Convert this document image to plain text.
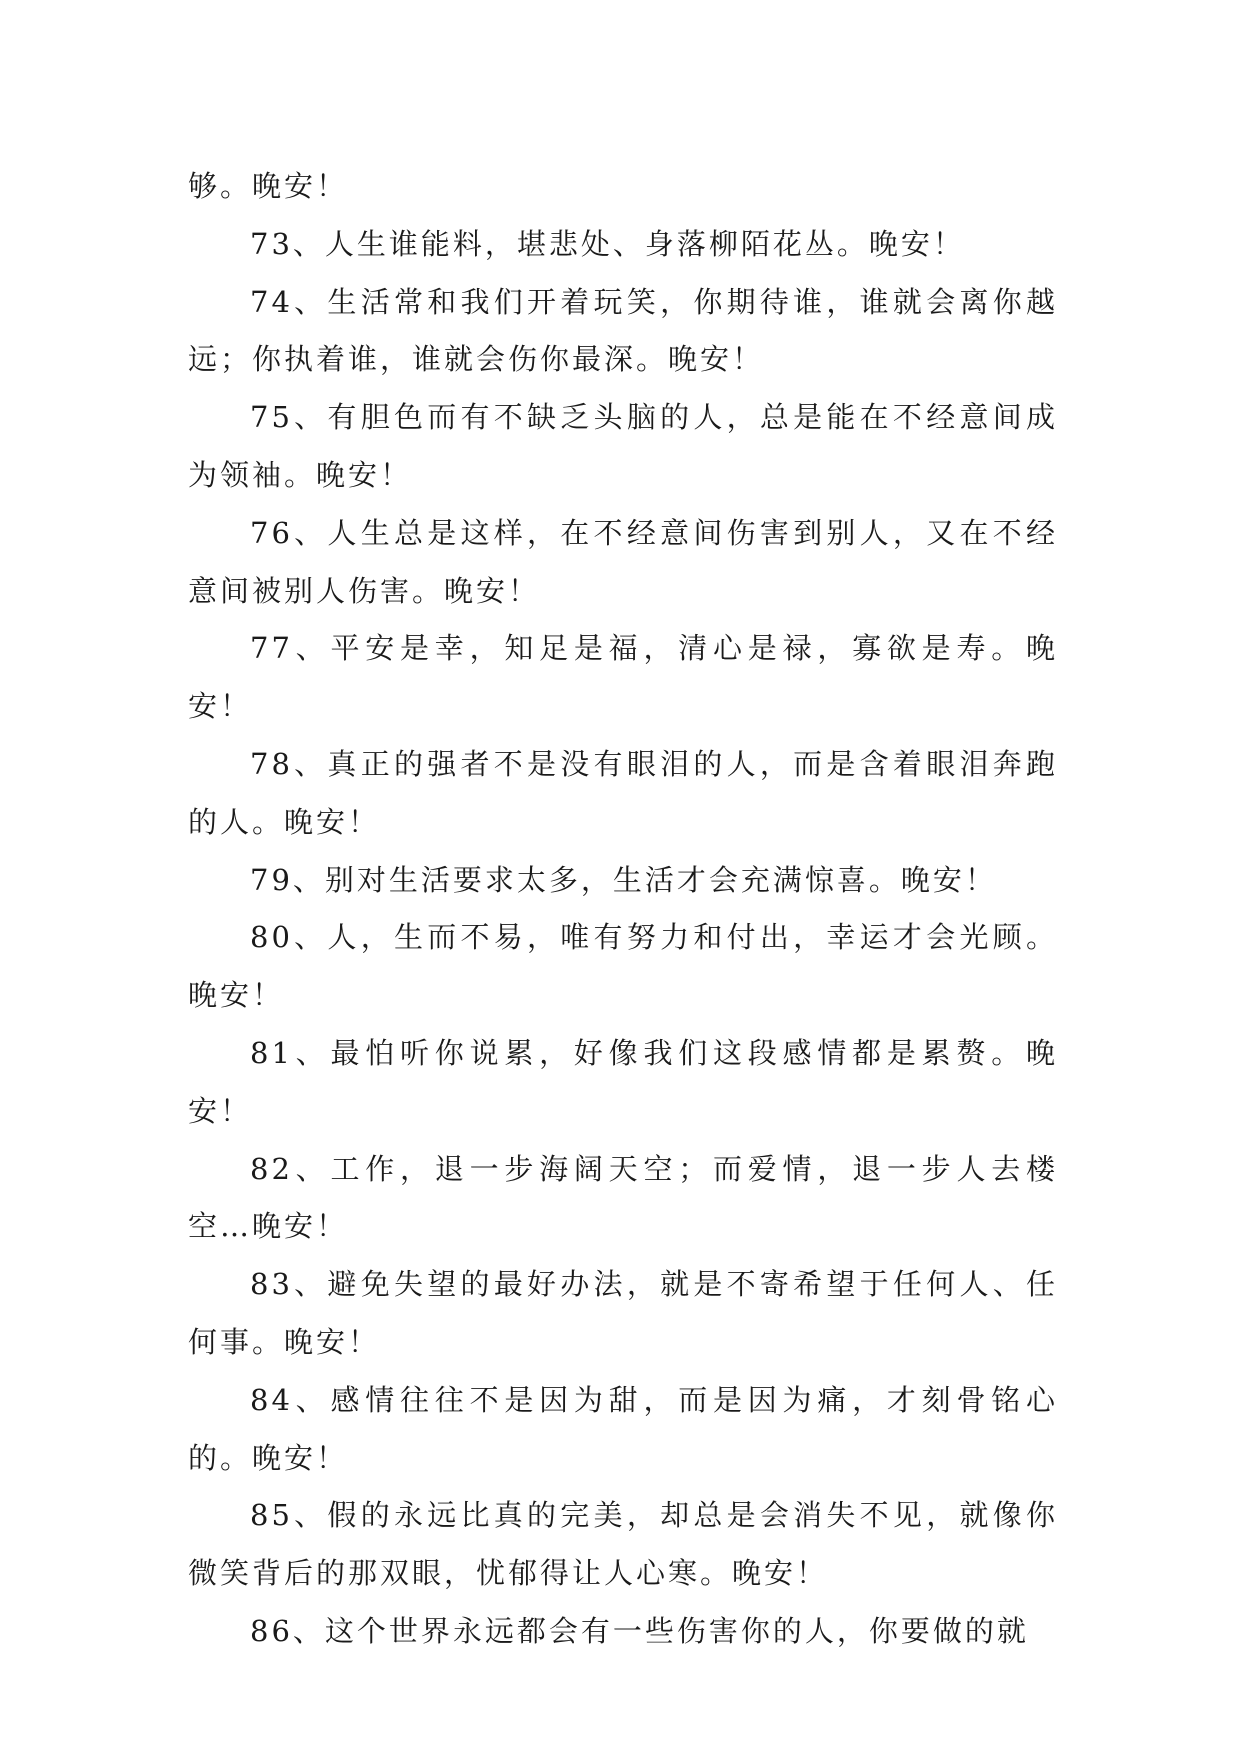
够。晚安！

73、人生谁能料，堪悲处、身落柳陌花丛。晚安！

74、生活常和我们开着玩笑，你期待谁，谁就会离你越远；你执着谁，谁就会伤你最深。晚安！

75、有胆色而有不缺乏头脑的人，总是能在不经意间成为领袖。晚安！

76、人生总是这样，在不经意间伤害到别人，又在不经意间被别人伤害。晚安！

77、平安是幸，知足是福，清心是禄，寡欲是寿。晚安！

78、真正的强者不是没有眼泪的人，而是含着眼泪奔跑的人。晚安！

79、别对生活要求太多，生活才会充满惊喜。晚安！

80、人，生而不易，唯有努力和付出，幸运才会光顾。晚安！

81、最怕听你说累，好像我们这段感情都是累赘。晚安！

82、工作，退一步海阔天空；而爱情，退一步人去楼空…晚安！

83、避免失望的最好办法，就是不寄希望于任何人、任何事。晚安！

84、感情往往不是因为甜，而是因为痛，才刻骨铭心的。晚安！

85、假的永远比真的完美，却总是会消失不见，就像你微笑背后的那双眼，忧郁得让人心寒。晚安！

86、这个世界永远都会有一些伤害你的人，你要做的就
